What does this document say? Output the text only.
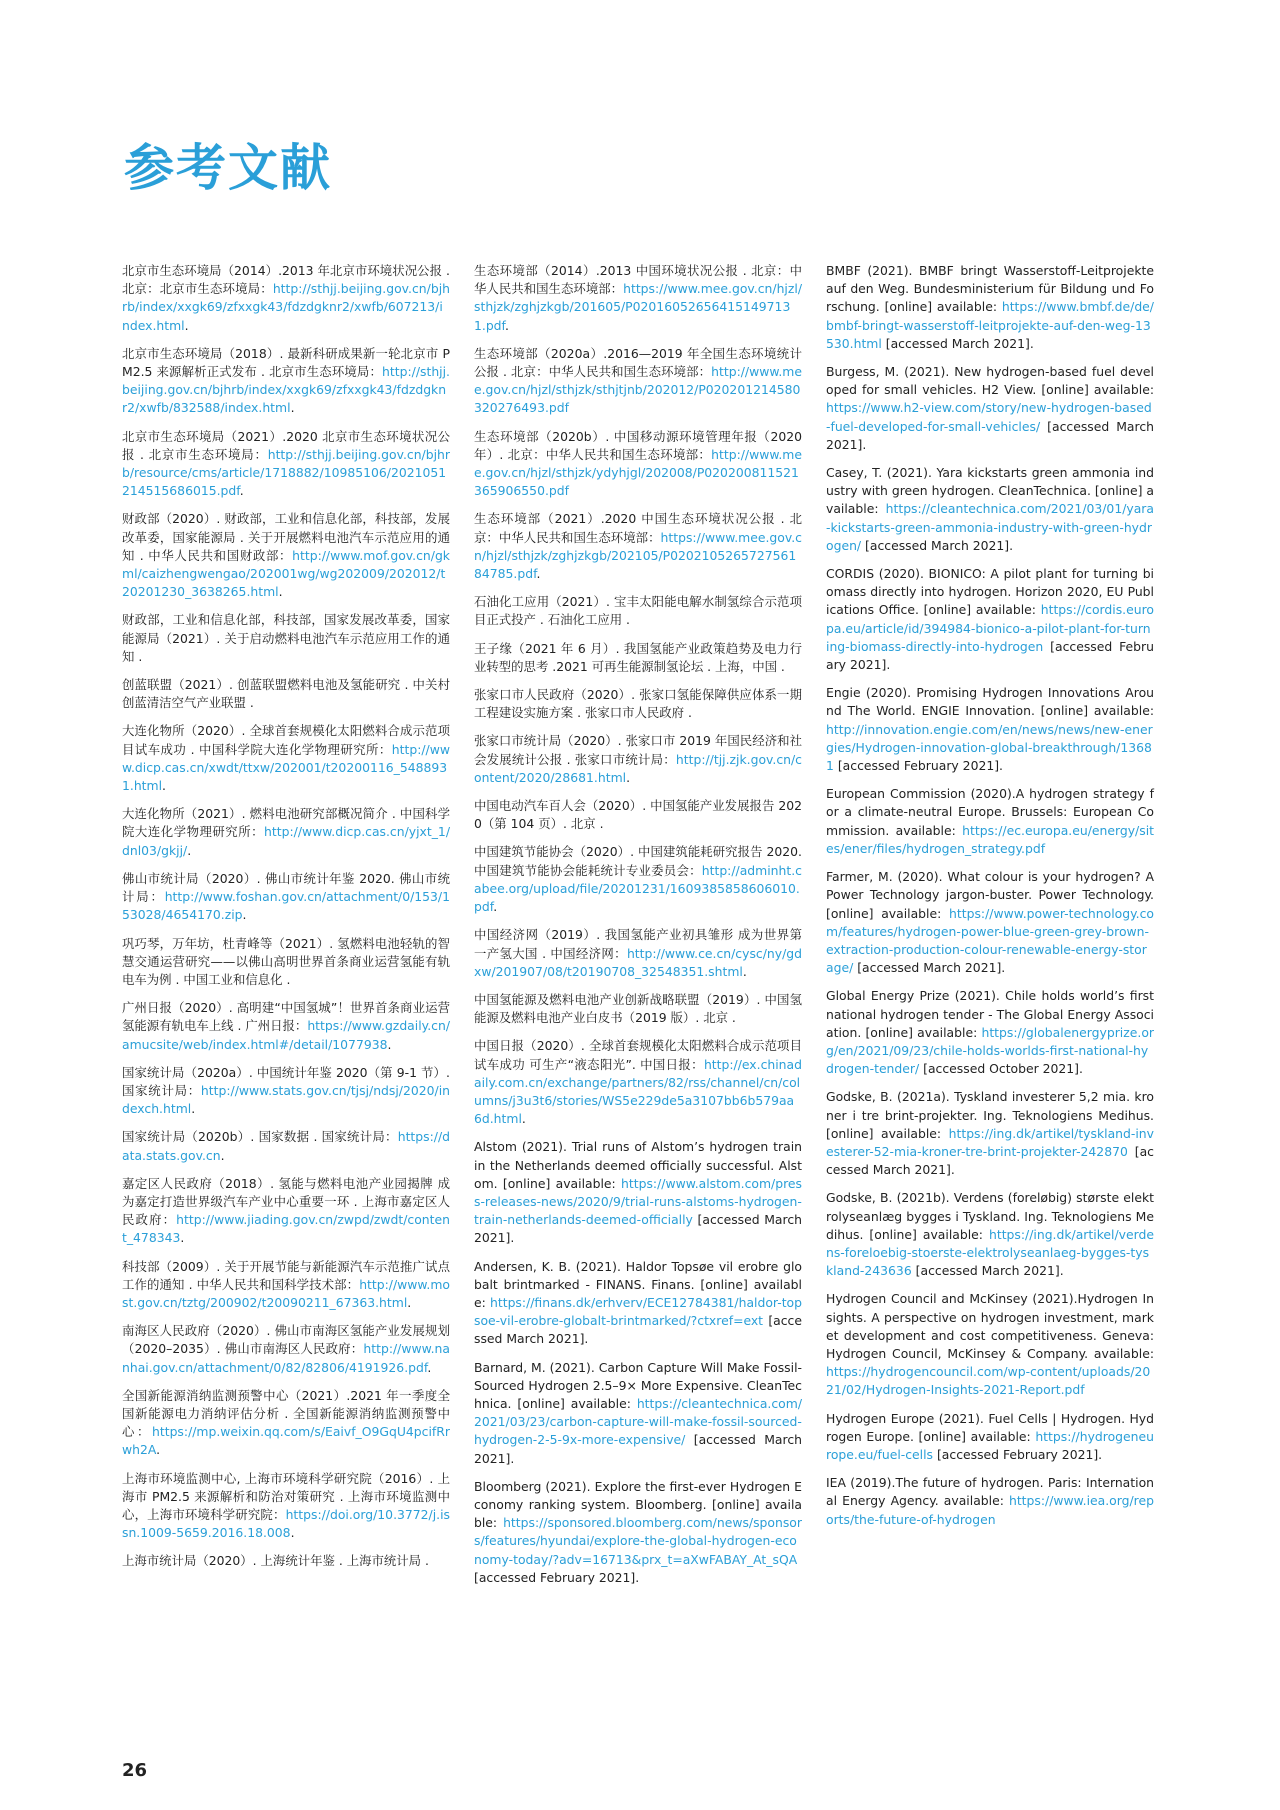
参考文献

北京市生态环境局（2014）.2013 年北京市环境状况公报 . 北京：北京市生态环境局：http://sthjj.beijing.gov.cn/bjhrb/index/xxgk69/zfxxgk43/fdzdgknr2/xwfb/607213/index.html.

北京市生态环境局（2018）. 最新科研成果新一轮北京市 PM2.5 来源解析正式发布 . 北京市生态环境局：http://sthjj.beijing.gov.cn/bjhrb/index/xxgk69/zfxxgk43/fdzdgknr2/xwfb/832588/index.html.

北京市生态环境局（2021）.2020 北京市生态环境状况公报 . 北京市生态环境局：http://sthjj.beijing.gov.cn/bjhrb/resource/cms/article/1718882/10985106/2021051214515686015.pdf.

财政部（2020）. 财政部，工业和信息化部，科技部，发展改革委，国家能源局 . 关于开展燃料电池汽车示范应用的通知 . 中华人民共和国财政部：http://www.mof.gov.cn/gkml/caizhengwengao/202001wg/wg202009/202012/t20201230_3638265.html.

财政部，工业和信息化部，科技部，国家发展改革委，国家能源局（2021）. 关于启动燃料电池汽车示范应用工作的通知 .

创蓝联盟（2021）. 创蓝联盟燃料电池及氢能研究 . 中关村创蓝清洁空气产业联盟 .

大连化物所（2020）. 全球首套规模化太阳燃料合成示范项目试车成功 . 中国科学院大连化学物理研究所：http://www.dicp.cas.cn/xwdt/ttxw/202001/t20200116_5488931.html.

大连化物所（2021）. 燃料电池研究部概况简介 . 中国科学院大连化学物理研究所：http://www.dicp.cas.cn/yjxt_1/dnl03/gkjj/.

佛山市统计局（2020）. 佛山市统计年鉴 2020. 佛山市统计局：http://www.foshan.gov.cn/attachment/0/153/153028/4654170.zip.

巩巧琴，万年坊，杜青峰等（2021）. 氢燃料电池轻轨的智慧交通运营研究——以佛山高明世界首条商业运营氢能有轨电车为例 . 中国工业和信息化 .

广州日报（2020）. 高明建“中国氢城”！世界首条商业运营氢能源有轨电车上线 . 广州日报：https://www.gzdaily.cn/amucsite/web/index.html#/detail/1077938.

国家统计局（2020a）. 中国统计年鉴 2020（第 9-1 节）. 国家统计局：http://www.stats.gov.cn/tjsj/ndsj/2020/indexch.html.

国家统计局（2020b）. 国家数据 . 国家统计局：https://data.stats.gov.cn.

嘉定区人民政府（2018）. 氢能与燃料电池产业园揭牌 成为嘉定打造世界级汽车产业中心重要一环 . 上海市嘉定区人民政府：http://www.jiading.gov.cn/zwpd/zwdt/content_478343.

科技部（2009）. 关于开展节能与新能源汽车示范推广试点工作的通知 . 中华人民共和国科学技术部：http://www.most.gov.cn/tztg/200902/t20090211_67363.html.

南海区人民政府（2020）. 佛山市南海区氢能产业发展规划（2020–2035）. 佛山市南海区人民政府：http://www.nanhai.gov.cn/attachment/0/82/82806/4191926.pdf.

全国新能源消纳监测预警中心（2021）.2021 年一季度全国新能源电力消纳评估分析 . 全国新能源消纳监测预警中心：https://mp.weixin.qq.com/s/Eaivf_O9GqU4pcifRrwh2A.

上海市环境监测中心, 上海市环境科学研究院（2016）. 上海市 PM2.5 来源解析和防治对策研究 . 上海市环境监测中心，上海市环境科学研究院：https://doi.org/10.3772/j.issn.1009-5659.2016.18.008.

上海市统计局（2020）. 上海统计年鉴 . 上海市统计局 .

生态环境部（2014）.2013 中国环境状况公报 . 北京：中华人民共和国生态环境部：https://www.mee.gov.cn/hjzl/sthjzk/zghjzkgb/201605/P020160526564151497131.pdf.

生态环境部（2020a）.2016—2019 年全国生态环境统计公报 . 北京：中华人民共和国生态环境部：http://www.mee.gov.cn/hjzl/sthjzk/sthjtjnb/202012/P020201214580320276493.pdf

生态环境部（2020b）. 中国移动源环境管理年报（2020 年）. 北京：中华人民共和国生态环境部：http://www.mee.gov.cn/hjzl/sthjzk/ydyhjgl/202008/P020200811521365906550.pdf

生态环境部（2021）.2020 中国生态环境状况公报 . 北京：中华人民共和国生态环境部：https://www.mee.gov.cn/hjzl/sthjzk/zghjzkgb/202105/P020210526572756184785.pdf.

石油化工应用（2021）. 宝丰太阳能电解水制氢综合示范项目正式投产 . 石油化工应用 .

王子缘（2021 年 6 月）. 我国氢能产业政策趋势及电力行业转型的思考 .2021 可再生能源制氢论坛 . 上海，中国 .

张家口市人民政府（2020）. 张家口氢能保障供应体系一期工程建设实施方案 . 张家口市人民政府 .

张家口市统计局（2020）. 张家口市 2019 年国民经济和社会发展统计公报 . 张家口市统计局：http://tjj.zjk.gov.cn/content/2020/28681.html.

中国电动汽车百人会（2020）. 中国氢能产业发展报告 2020（第 104 页）. 北京 .

中国建筑节能协会（2020）. 中国建筑能耗研究报告 2020. 中国建筑节能协会能耗统计专业委员会：http://adminht.cabee.org/upload/file/20201231/1609385858606010.pdf.

中国经济网（2019）. 我国氢能产业初具雏形 成为世界第一产氢大国 . 中国经济网：http://www.ce.cn/cysc/ny/gdxw/201907/08/t20190708_32548351.shtml.

中国氢能源及燃料电池产业创新战略联盟（2019）. 中国氢能源及燃料电池产业白皮书（2019 版）. 北京 .

中国日报（2020）. 全球首套规模化太阳燃料合成示范项目试车成功 可生产“液态阳光”. 中国日报：http://ex.chinadaily.com.cn/exchange/partners/82/rss/channel/cn/columns/j3u3t6/stories/WS5e229de5a3107bb6b579aa6d.html.

Alstom (2021). Trial runs of Alstom’s hydrogen train in the Netherlands deemed officially successful. Alstom. [online] available: https://www.alstom.com/press-releases-news/2020/9/trial-runs-alstoms-hydrogen-train-netherlands-deemed-officially [accessed March 2021].

Andersen, K. B. (2021). Haldor Topsøe vil erobre globalt brintmarked - FINANS. Finans. [online] available: https://finans.dk/erhverv/ECE12784381/haldor-topsoe-vil-erobre-globalt-brintmarked/?ctxref=ext [accessed March 2021].

Barnard, M. (2021). Carbon Capture Will Make Fossil-Sourced Hydrogen 2.5–9× More Expensive. CleanTechnica. [online] available: https://cleantechnica.com/2021/03/23/carbon-capture-will-make-fossil-sourced-hydrogen-2-5-9x-more-expensive/ [accessed March 2021].

Bloomberg (2021). Explore the first-ever Hydrogen Economy ranking system. Bloomberg. [online] available: https://sponsored.bloomberg.com/news/sponsors/features/hyundai/explore-the-global-hydrogen-economy-today/?adv=16713&prx_t=aXwFABAY_At_sQA [accessed February 2021].

BMBF (2021). BMBF bringt Wasserstoff-Leitprojekte auf den Weg. Bundesministerium für Bildung und Forschung. [online] available: https://www.bmbf.de/de/bmbf-bringt-wasserstoff-leitprojekte-auf-den-weg-13530.html [accessed March 2021].

Burgess, M. (2021). New hydrogen-based fuel developed for small vehicles. H2 View. [online] available: https://www.h2-view.com/story/new-hydrogen-based-fuel-developed-for-small-vehicles/ [accessed March 2021].

Casey, T. (2021). Yara kickstarts green ammonia industry with green hydrogen. CleanTechnica. [online] available: https://cleantechnica.com/2021/03/01/yara-kickstarts-green-ammonia-industry-with-green-hydrogen/ [accessed March 2021].

CORDIS (2020). BIONICO: A pilot plant for turning biomass directly into hydrogen. Horizon 2020, EU Publications Office. [online] available: https://cordis.europa.eu/article/id/394984-bionico-a-pilot-plant-for-turning-biomass-directly-into-hydrogen [accessed February 2021].

Engie (2020). Promising Hydrogen Innovations Around The World. ENGIE Innovation. [online] available: http://innovation.engie.com/en/news/news/new-energies/Hydrogen-innovation-global-breakthrough/13681 [accessed February 2021].

European Commission (2020).A hydrogen strategy for a climate-neutral Europe. Brussels: European Commission. available: https://ec.europa.eu/energy/sites/ener/files/hydrogen_strategy.pdf

Farmer, M. (2020). What colour is your hydrogen? A Power Technology jargon-buster. Power Technology. [online] available: https://www.power-technology.com/features/hydrogen-power-blue-green-grey-brown-extraction-production-colour-renewable-energy-storage/ [accessed March 2021].

Global Energy Prize (2021). Chile holds world’s first national hydrogen tender - The Global Energy Association. [online] available: https://globalenergyprize.org/en/2021/09/23/chile-holds-worlds-first-national-hydrogen-tender/ [accessed October 2021].

Godske, B. (2021a). Tyskland investerer 5,2 mia. kroner i tre brint-projekter. Ing. Teknologiens Medihus. [online] available: https://ing.dk/artikel/tyskland-investerer-52-mia-kroner-tre-brint-projekter-242870 [accessed March 2021].

Godske, B. (2021b). Verdens (foreløbig) største elektrolyseanlæg bygges i Tyskland. Ing. Teknologiens Medihus. [online] available: https://ing.dk/artikel/verdens-foreloebig-stoerste-elektrolyseanlaeg-bygges-tyskland-243636 [accessed March 2021].

Hydrogen Council and McKinsey (2021).Hydrogen Insights. A perspective on hydrogen investment, market development and cost competitiveness. Geneva: Hydrogen Council, McKinsey & Company. available: https://hydrogencouncil.com/wp-content/uploads/2021/02/Hydrogen-Insights-2021-Report.pdf

Hydrogen Europe (2021). Fuel Cells | Hydrogen. Hydrogen Europe. [online] available: https://hydrogeneurope.eu/fuel-cells [accessed February 2021].

IEA (2019).The future of hydrogen. Paris: International Energy Agency. available: https://www.iea.org/reports/the-future-of-hydrogen

26
